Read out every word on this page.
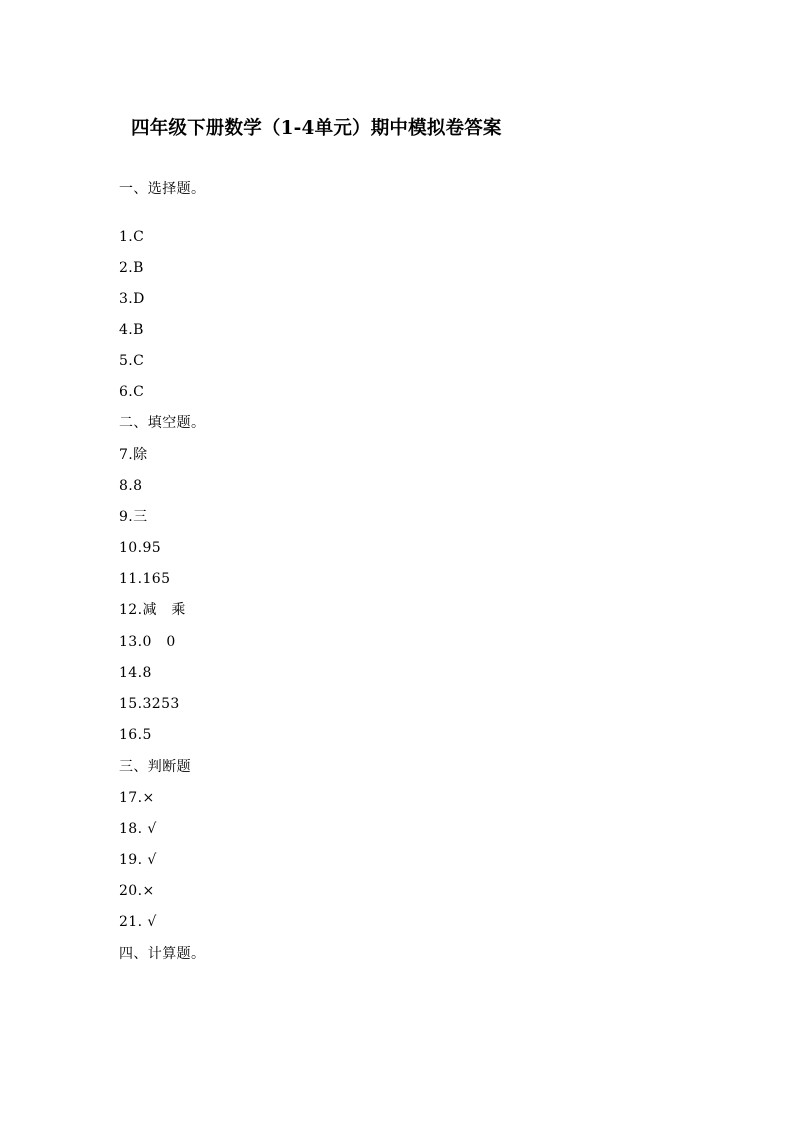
四年级下册数学（1-4单元）期中模拟卷答案
一、选择题。
1.C
2.B
3.D
4.B
5.C
6.C
二、填空题。
7.除
8.8
9.三
10.95
11.165
12.减   乘
13.0   0
14.8
15.3253
16.5
三、判断题
17.×
18. √
19. √
20.×
21. √
四、计算题。
